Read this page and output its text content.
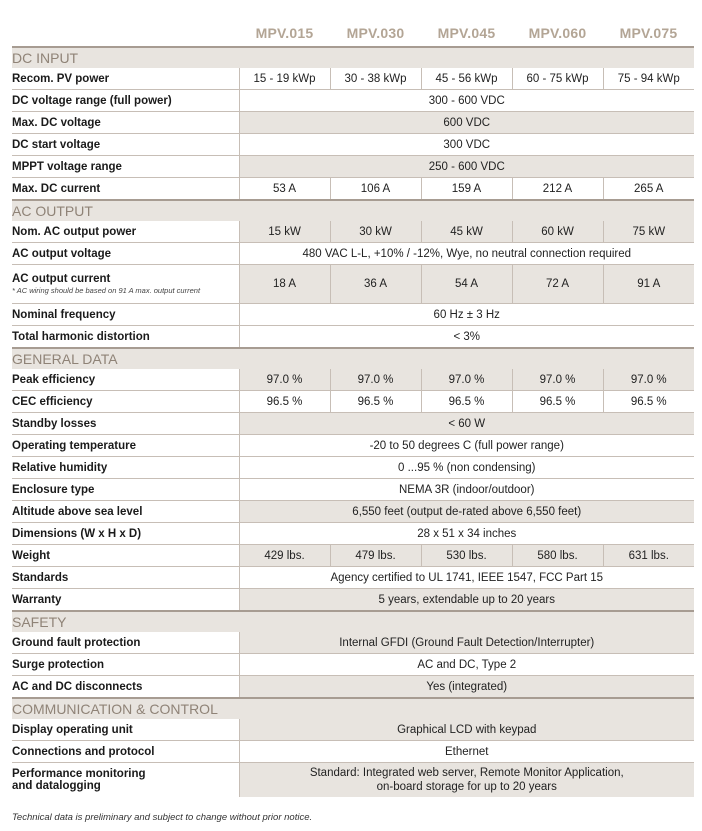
	MPV.015	MPV.030	MPV.045	MPV.060	MPV.075
DC INPUT					

Recom. PV power	15 - 19 kWp	30 - 38 kWp	45 - 56 kWp	60 - 75 kWp	75 - 94 kWp

DC voltage range (full power)	300 - 600 VDC				

Max. DC voltage	600 VDC				

DC start voltage	300 VDC				

MPPT voltage range	250 - 600 VDC				

Max. DC current	53 A	106 A	159 A	212 A	265 A
AC OUTPUT					

Nom. AC output power	15 kW	30 kW	45 kW	60 kW	75 kW

AC output voltage	480 VAC L-L, +10% / -12%, Wye, no neutral connection required				

AC output current
* AC wiring should be based on 91 A max. output current	18 A	36 A	54 A	72 A	91 A

Nominal frequency	60 Hz ± 3 Hz				

Total harmonic distortion	< 3%				
GENERAL DATA					

Peak efficiency	97.0 %	97.0 %	97.0 %	97.0 %	97.0 %

CEC efficiency	96.5 %	96.5 %	96.5 %	96.5 %	96.5 %

Standby losses	< 60 W				

Operating temperature	-20 to 50 degrees C (full power range)				

Relative humidity	0 ...95 % (non condensing)				

Enclosure type	NEMA 3R (indoor/outdoor)				

Altitude above sea level	6,550 feet (output de-rated above 6,550 feet)				

Dimensions (W x H x D)	28 x 51 x 34 inches				

Weight	429 lbs.	479 lbs.	530 lbs.	580 lbs.	631 lbs.

Standards	Agency certified to UL 1741, IEEE 1547, FCC Part 15				

Warranty	5 years, extendable up to 20 years				
SAFETY					

Ground fault protection	Internal GFDI (Ground Fault Detection/Interrupter)				

Surge protection	AC and DC, Type 2				

AC and DC disconnects	Yes (integrated)				
COMMUNICATION & CONTROL					

Display operating unit	Graphical LCD with keypad				

Connections and protocol	Ethernet				

Performance monitoring
and datalogging	Standard: Integrated web server, Remote Monitor Application,
on-board storage for up to 20 years				
Technical data is preliminary and subject to change without prior notice.
